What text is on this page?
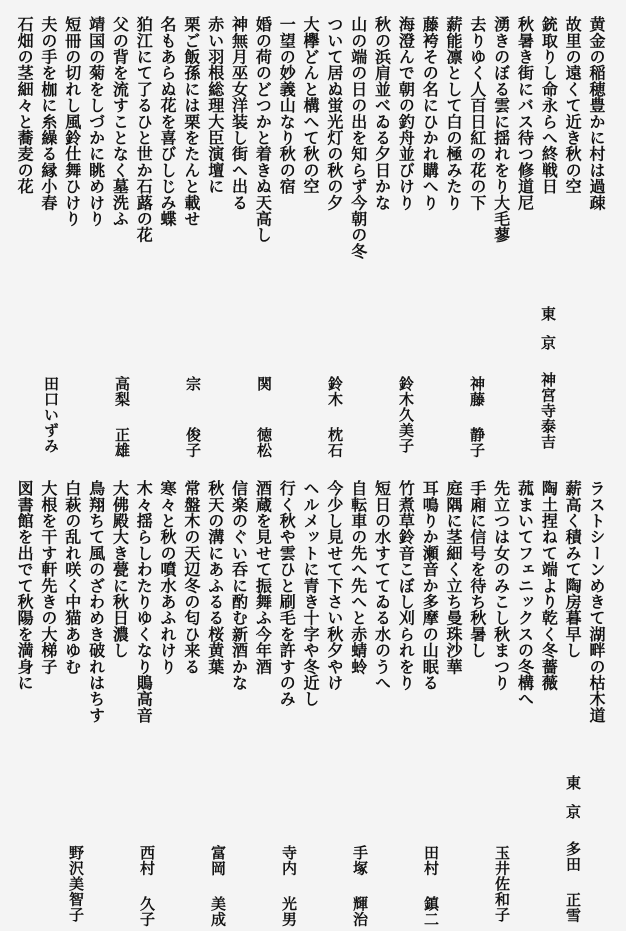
黄金の稲穂豊かに村は過疎
故里の遠くて近き秋の空
銃取りし命永らへ終戦日
秋暑き街にバス待つ修道尼
湧きのぼる雲に揺れをり大毛蓼
去りゆく人百日紅の花の下
薪能凛として白の極みたり
藤袴その名にひかれ購へり
海澄んで朝の釣舟並びけり
秋の浜肩並べゐる夕日かな
山の端の日の出を知らず今朝の冬
ついて居ぬ蛍光灯の秋の夕
大欅どんと構へて秋の空
一望の妙義山なり秋の宿
婚の荷のどつかと着きぬ天高し
神無月巫女洋装し街へ出る
赤い羽根総理大臣演壇に
栗ご飯孫には栗をたんと載せ
名もあらぬ花を喜びしじみ蝶
狛江にて了るひと世か石蕗の花
父の背を流すことなく墓洗ふ
靖国の菊をしづかに眺めけり
短冊の切れし風鈴仕舞ひけり
夫の手を枷に糸繰る縁小春
石畑の茎細々と蕎麦の花
東京
神宮寺泰吉
神藤
静子
鈴木久美子
鈴木
枕石
関
徳松
宗
俊子
高梨
正雄
田口いずみ
ラストシーンめきて湖畔の枯木道
薪高く積みて陶房暮早し
陶土捏ねて端より乾く冬薔薇
菰まいてフェニックスの冬構へ
先立つは女のみこし秋まつり
手廂に信号を待ち秋暑し
庭隅に茎細く立ち曼珠沙華
耳鳴りか瀬音か多摩の山眠る
竹煮草鈴音こぼし刈られをり
短日の水すててゐる水のうへ
自転車の先へ先へと赤蜻蛉
今少し見せて下さい秋夕やけ
ヘルメットに青き十字や冬近し
行く秋や雲ひと刷毛を許すのみ
酒蔵を見せて振舞ふ今年酒
信楽のぐい呑に酌む新酒かな
秋天の溝にあふるる桜黄葉
常盤木の天辺冬の匂ひ来る
寒々と秋の噴水あふれけり
木々揺らしわたりゆくなり鵙高音
大佛殿大き甍に秋日濃し
鳥翔ちて風のざわめき破れはちす
白萩の乱れ咲く中猫あゆむ
大根を干す軒先きの大梯子
図書館を出でて秋陽を満身に
東京
多田
正雪
玉井佐和子
田村
鎮二
手塚
輝治
寺内
光男
富岡
美成
西村
久子
野沢美智子
